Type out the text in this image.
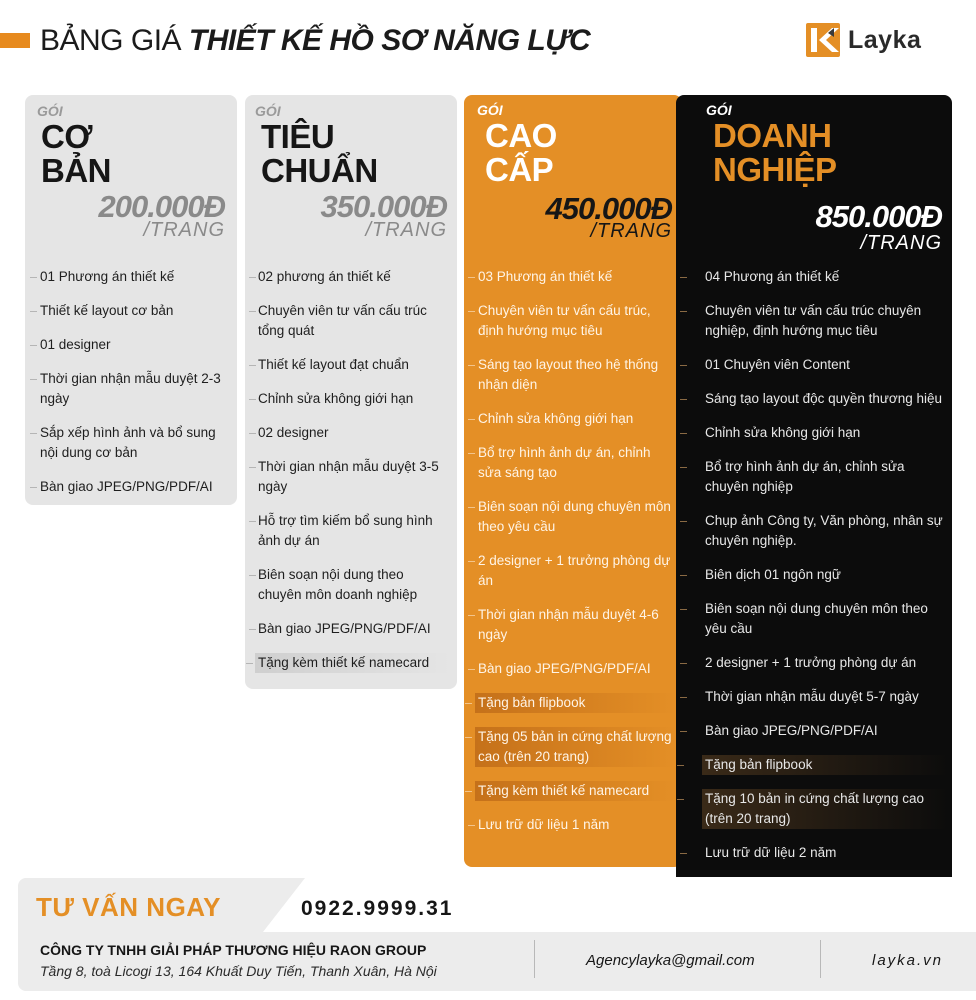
BẢNG GIÁ THIẾT KẾ HỒ SƠ NĂNG LỰC	Layka
GÓI
CƠ
BẢN
200.000Đ
/TRANG
01 Phương án thiết kế
Thiết kế layout cơ bản
01 designer
Thời gian nhận mẫu duyệt 2-3 ngày
Sắp xếp hình ảnh và bổ sung nội dung cơ bản
Bàn giao JPEG/PNG/PDF/AI
GÓI
TIÊU
CHUẨN
350.000Đ
/TRANG
02 phương án thiết kế
Chuyên viên tư vấn cấu trúc tổng quát
Thiết kế layout đạt chuẩn
Chỉnh sửa không giới hạn
02 designer
Thời gian nhận mẫu duyệt 3-5 ngày
Hỗ trợ tìm kiếm bổ sung hình ảnh dự án
Biên soạn nội dung theo chuyên môn doanh nghiệp
Bàn giao JPEG/PNG/PDF/AI
Tặng kèm thiết kế namecard
GÓI
CAO
CẤP
450.000Đ
/TRANG
03 Phương án thiết kế
Chuyên viên tư vấn cấu trúc, định hướng mục tiêu
Sáng tạo layout theo hệ thống nhận diện
Chỉnh sửa không giới hạn
Bổ trợ hình ảnh dự án, chỉnh sửa sáng tạo
Biên soạn nội dung chuyên môn theo yêu cầu
2 designer + 1 trưởng phòng dự án
Thời gian nhận mẫu duyệt 4-6 ngày
Bàn giao JPEG/PNG/PDF/AI
Tặng bản flipbook
Tặng 05 bản in cứng chất lượng cao (trên 20 trang)
Tặng kèm thiết kế namecard
Lưu trữ dữ liệu 1 năm
GÓI
DOANH
NGHIỆP
850.000Đ
/TRANG
04 Phương án thiết kế
Chuyên viên tư vấn cấu trúc chuyên nghiệp, định hướng mục tiêu
01 Chuyên viên Content
Sáng tạo layout độc quyền thương hiệu
Chỉnh sửa không giới hạn
Bổ trợ hình ảnh dự án, chỉnh sửa chuyên nghiệp
Chụp ảnh Công ty, Văn phòng, nhân sự chuyên nghiệp.
Biên dịch 01 ngôn ngữ
Biên soạn nội dung chuyên môn theo yêu cầu
2 designer + 1 trưởng phòng dự án
Thời gian nhận mẫu duyệt 5-7 ngày
Bàn giao JPEG/PNG/PDF/AI
Tặng bản flipbook
Tặng 10 bản in cứng chất lượng cao (trên 20 trang)
Lưu trữ dữ liệu 2 năm
TƯ VẤN NGAY	0922.9999.31
CÔNG TY TNHH GIẢI PHÁP THƯƠNG HIỆU RAON GROUP
Tầng 8, toà Licogi 13, 164 Khuất Duy Tiến, Thanh Xuân, Hà Nội
Agencylayka@gmail.com	layka.vn
